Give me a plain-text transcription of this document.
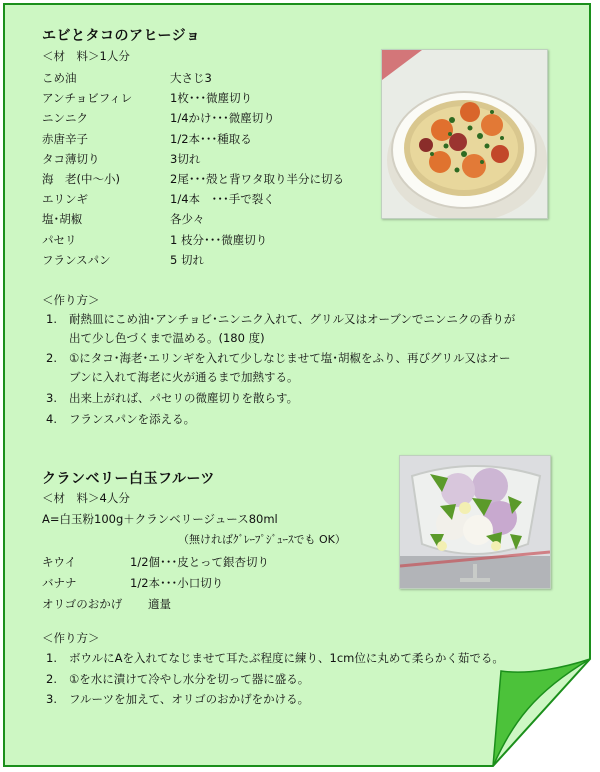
エビとタコのアヒージョ
＜材　料＞1人分
こめ油	大さじ3
アンチョビフィレ	1枚･･･微塵切り
ニンニク	1/4かけ･･･微塵切り
赤唐辛子	1/2本･･･種取る
タコ薄切り	3切れ
海　老(中～小)	2尾･･･殻と背ワタ取り半分に切る
エリンギ	1/4本　･･･手で裂く
塩･胡椒	各少々
パセリ	1 枝分･･･微塵切り
フランスパン	5 切れ
＜作り方＞
1. 耐熱皿にこめ油･アンチョビ･ニンニク入れて、グリル又はオーブンでニンニクの香りが出て少し色づくまで温める。(180 度)
2. ①にタコ･海老･エリンギを入れて少しなじませて塩･胡椒をふり、再びグリル又はオーブンに入れて海老に火が通るまで加熱する。
3. 出来上がれば、パセリの微塵切りを散らす。
4. フランスパンを添える。
クランベリー白玉フルーツ
＜材　料＞4人分
A=白玉粉100g＋クランベリージュース80ml
（無ければｸﾞﾚｰﾌﾟｼﾞｭｰｽでも OK）
キウイ	1/2個･･･皮とって銀杏切り
バナナ	1/2本･･･小口切り
オリゴのおかげ 適量
＜作り方＞
1. ボウルにAを入れてなじませて耳たぶ程度に練り、1cm位に丸めて柔らかく茹でる。
2. ①を水に漬けて冷やし水分を切って器に盛る。
3. フルーツを加えて、オリゴのおかげをかける。
